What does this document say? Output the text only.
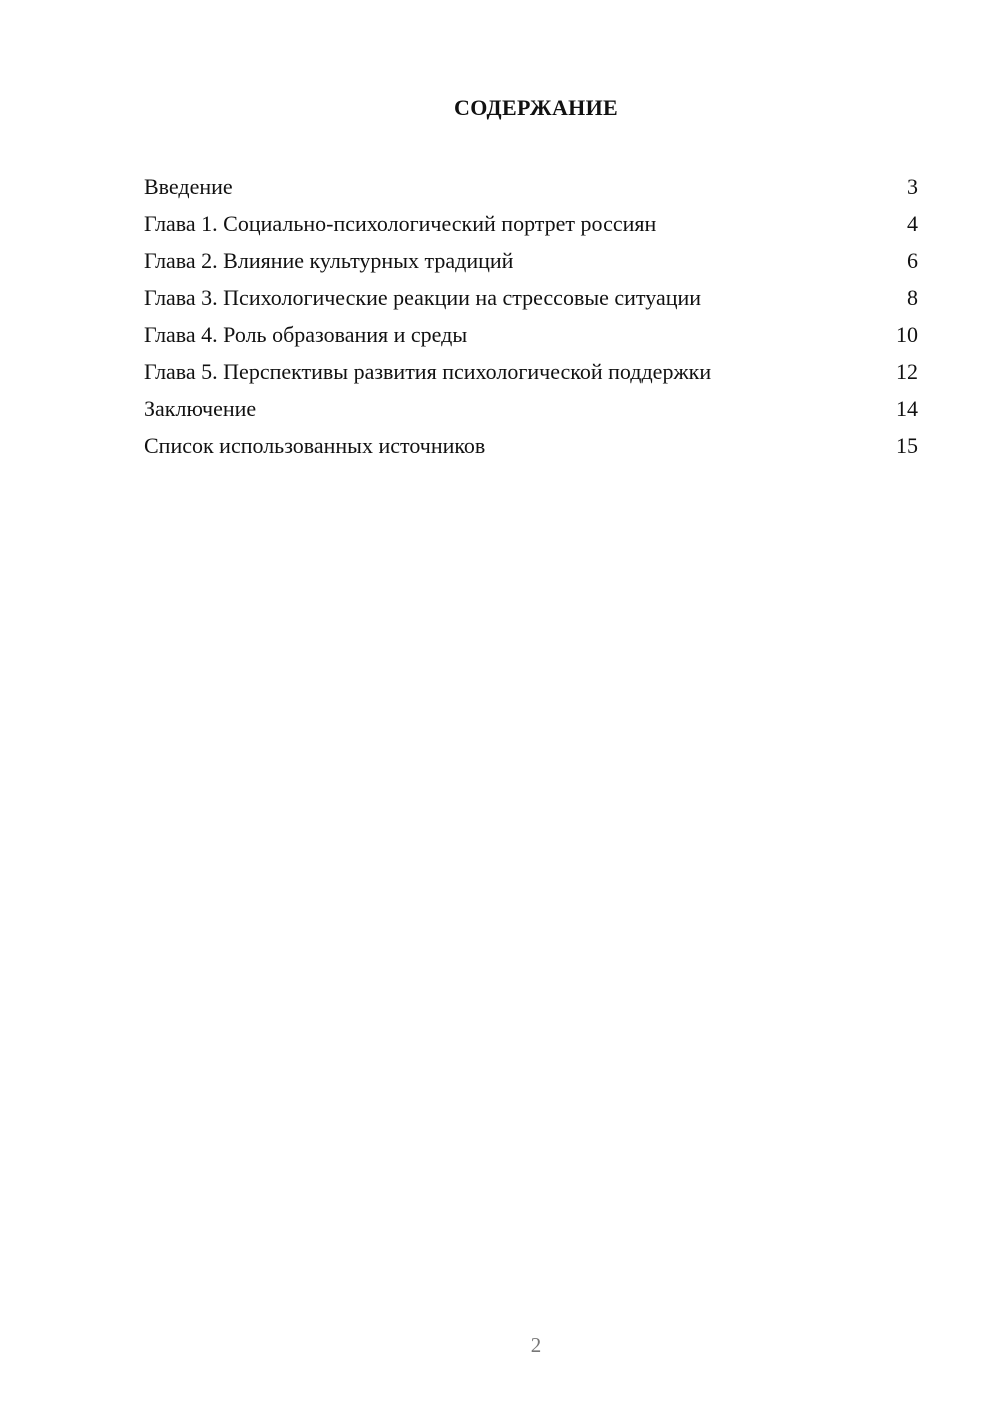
СОДЕРЖАНИЕ
Введение	3
Глава 1. Социально-психологический портрет россиян	4
Глава 2. Влияние культурных традиций	6
Глава 3. Психологические реакции на стрессовые ситуации	8
Глава 4. Роль образования и среды	10
Глава 5. Перспективы развития психологической поддержки	12
Заключение	14
Список использованных источников	15
2
